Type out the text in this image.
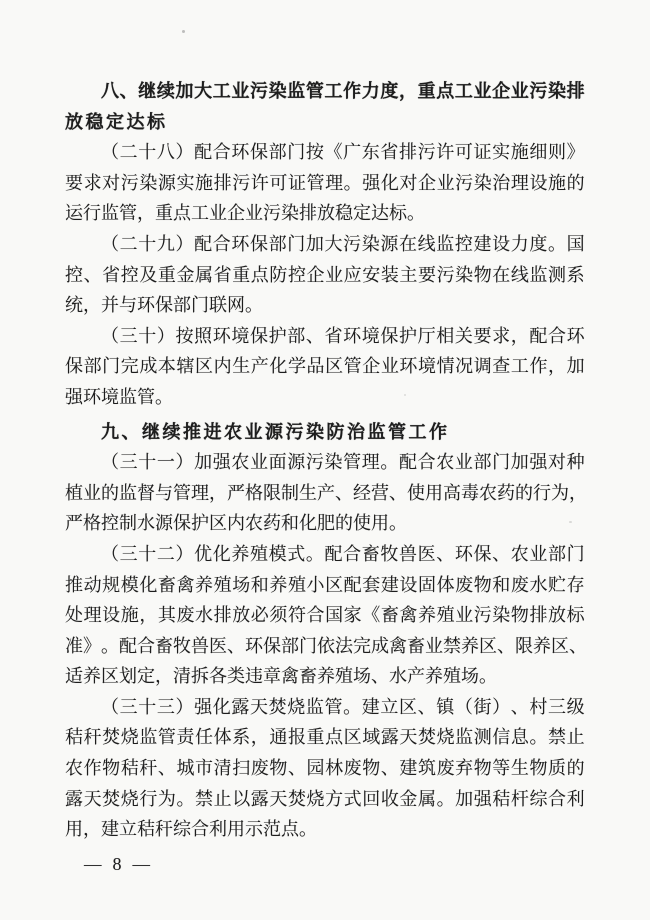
八 、 继 续 加 大 工 业 污 染 监 管 工 作 力 度 ， 重 点 工 业 企 业 污 染 排
放稳定达标
（ 二 十 八 ） 配 合 环 保 部 门 按 《 广 东 省 排 污 许 可 证 实 施 细 则 》
要 求 对 污 染 源 实 施 排 污 许 可 证 管 理 。 强 化 对 企 业 污 染 治 理 设 施 的
运行监管，重点工业企业污染排放稳定达标。
（ 二 十 九 ） 配 合 环 保 部 门 加 大 污 染 源 在 线 监 控 建 设 力 度 。 国
控 、 省 控 及 重 金 属 省 重 点 防 控 企 业 应 安 装 主 要 污 染 物 在 线 监 测 系
统，并与环保部门联网。
（ 三 十 ） 按 照 环 境 保 护 部 、 省 环 境 保 护 厅 相 关 要 求 ， 配 合 环
保 部 门 完 成 本 辖 区 内 生 产 化 学 品 区 管 企 业 环 境 情 况 调 查 工 作 ， 加
强环境监管。
九、继续推进农业源污染防治监管工作
（ 三 十 一 ） 加 强 农 业 面 源 污 染 管 理 。 配 合 农 业 部 门 加 强 对 种
植 业 的 监 督 与 管 理 ， 严 格 限 制 生 产 、 经 营 、 使 用 高 毒 农 药 的 行 为 ，
严格控制水源保护区内农药和化肥的使用。
（ 三 十 二 ） 优 化 养 殖 模 式 。 配 合 畜 牧 兽 医 、 环 保 、 农 业 部 门
推 动 规 模 化 畜 禽 养 殖 场 和 养 殖 小 区 配 套 建 设 固 体 废 物 和 废 水 贮 存
处 理 设 施 ， 其 废 水 排 放 必 须 符 合 国 家 《 畜 禽 养 殖 业 污 染 物 排 放 标
准 》 。 配 合 畜 牧 兽 医 、 环 保 部 门 依 法 完 成 禽 畜 业 禁 养 区 、 限 养 区 、
适养区划定，清拆各类违章禽畜养殖场、水产养殖场。
（ 三 十 三 ） 强 化 露 天 焚 烧 监 管 。 建 立 区 、 镇 （ 街 ） 、 村 三 级
秸 秆 焚 烧 监 管 责 任 体 系 ， 通 报 重 点 区 域 露 天 焚 烧 监 测 信 息 。 禁 止
农 作 物 秸 秆 、 城 市 清 扫 废 物 、 园 林 废 物 、 建 筑 废 弃 物 等 生 物 质 的
露 天 焚 烧 行 为 。 禁 止 以 露 天 焚 烧 方 式 回 收 金 属 。 加 强 秸 杆 综 合 利
用，建立秸秆综合利用示范点。
— 8 —
